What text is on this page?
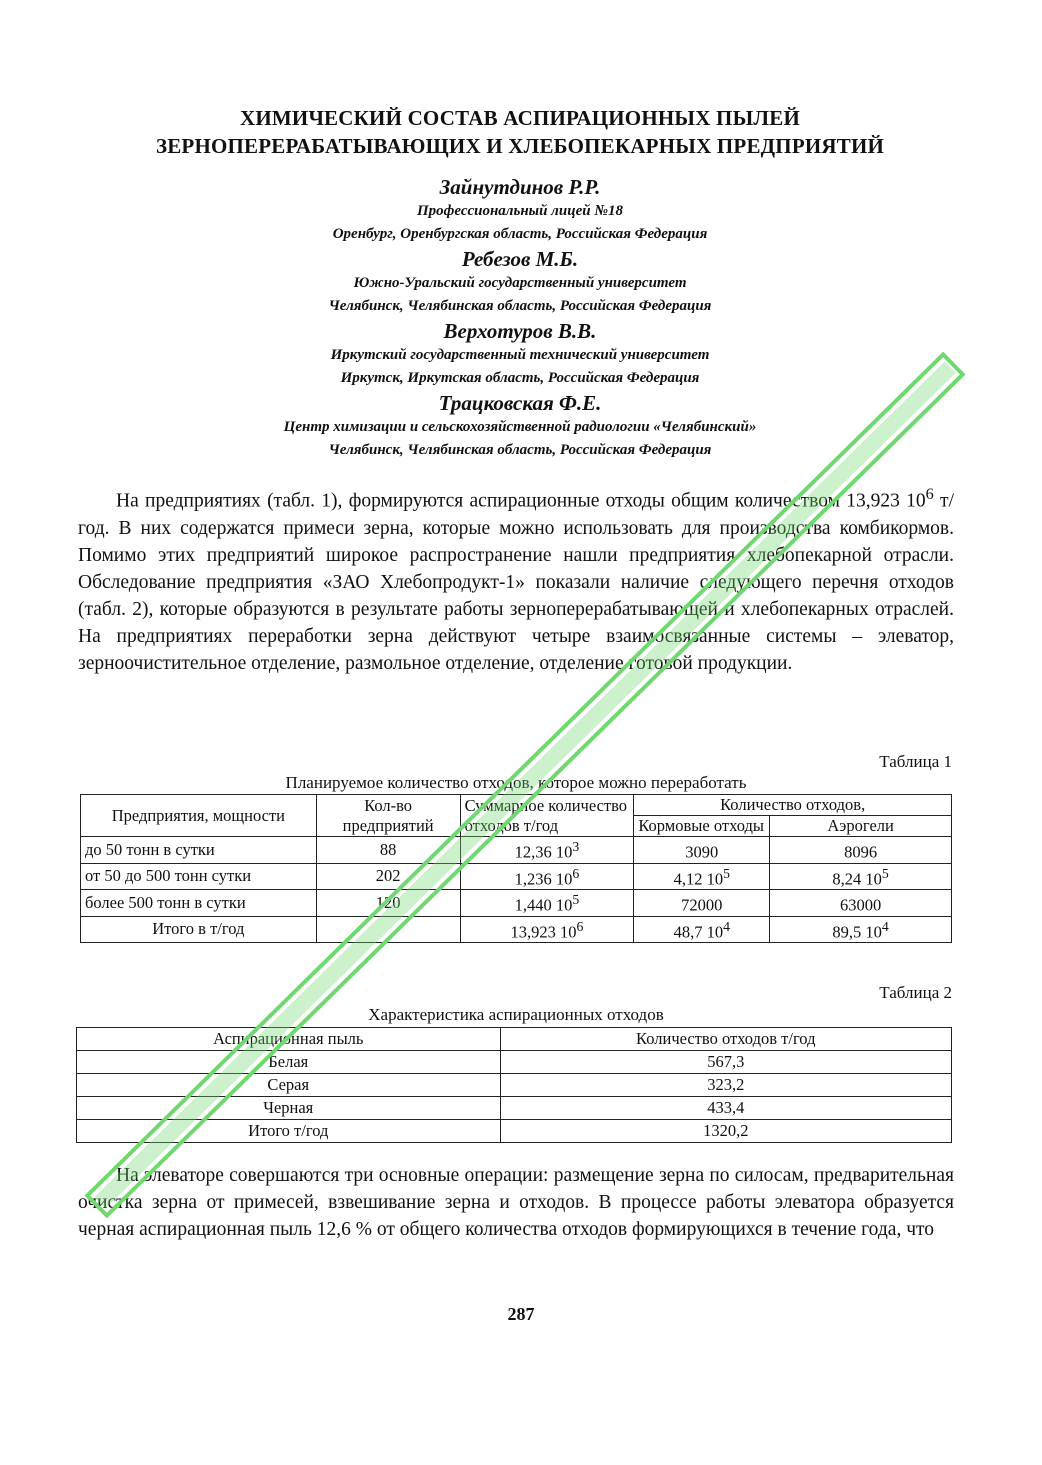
ХИМИЧЕСКИЙ СОСТАВ АСПИРАЦИОННЫХ ПЫЛЕЙ
ЗЕРНОПЕРЕРАБАТЫВАЮЩИХ И ХЛЕБОПЕКАРНЫХ ПРЕДПРИЯТИЙ
Зайнутдинов Р.Р.
Профессиональный лицей №18
Оренбург, Оренбургская область, Российская Федерация
Ребезов М.Б.
Южно-Уральский государственный университет
Челябинск, Челябинская область, Российская Федерация
Верхотуров В.В.
Иркутский государственный технический университет
Иркутск, Иркутская область, Российская Федерация
Трацковская Ф.Е.
Центр химизации и сельскохозяйственной радиологии «Челябинский»
Челябинск, Челябинская область, Российская Федерация

На предприятиях (табл. 1), формируются аспирационные отходы общим количеством 13,923 $10^6$ т/год. В них содержатся примеси зерна, которые можно использовать для производства комбикормов. Помимо этих предприятий широкое распространение нашли предприятия хлебопекарной отрасли. Обследование предприятия «ЗАО Хлебопродукт-1» показали наличие следующего перечня отходов (табл. 2), которые образуются в результате работы зерноперерабатывающей и хлебопекарных отраслей. На предприятиях переработки зерна действуют четыре взаимосвязанные системы – элеватор, зерноочистительное отделение, размольное отделение, отделение готовой продукции.

Таблица 1
Планируемое количество отходов, которое можно переработать
Предприятия, мощности	Кол-во предприятий	Суммарное количество отходов т/год	Количество отходов,	
			Кормовые отходы	Аэрогели
до 50 тонн в сутки	88	12,36 $10^3$	3090	8096
от 50 до 500 тонн сутки	202	1,236 $10^6$	4,12 $10^5$	8,24 $10^5$
более 500 тонн в сутки	120	1,440 $10^5$	72000	63000
Итого в т/год		13,923 $10^6$	48,7 $10^4$	89,5 $10^4$
Таблица 2
Характеристика аспирационных отходов
Аспирационная пыль	Количество отходов т/год
Белая	567,3
Серая	323,2
Черная	433,4
Итого т/год	1320,2

На элеваторе совершаются три основные операции: размещение зерна по силосам, предварительная очистка зерна от примесей, взвешивание зерна и отходов. В процессе работы элеватора образуется черная аспирационная пыль 12,6 % от общего количества отходов формирующихся в течение года, что

287
